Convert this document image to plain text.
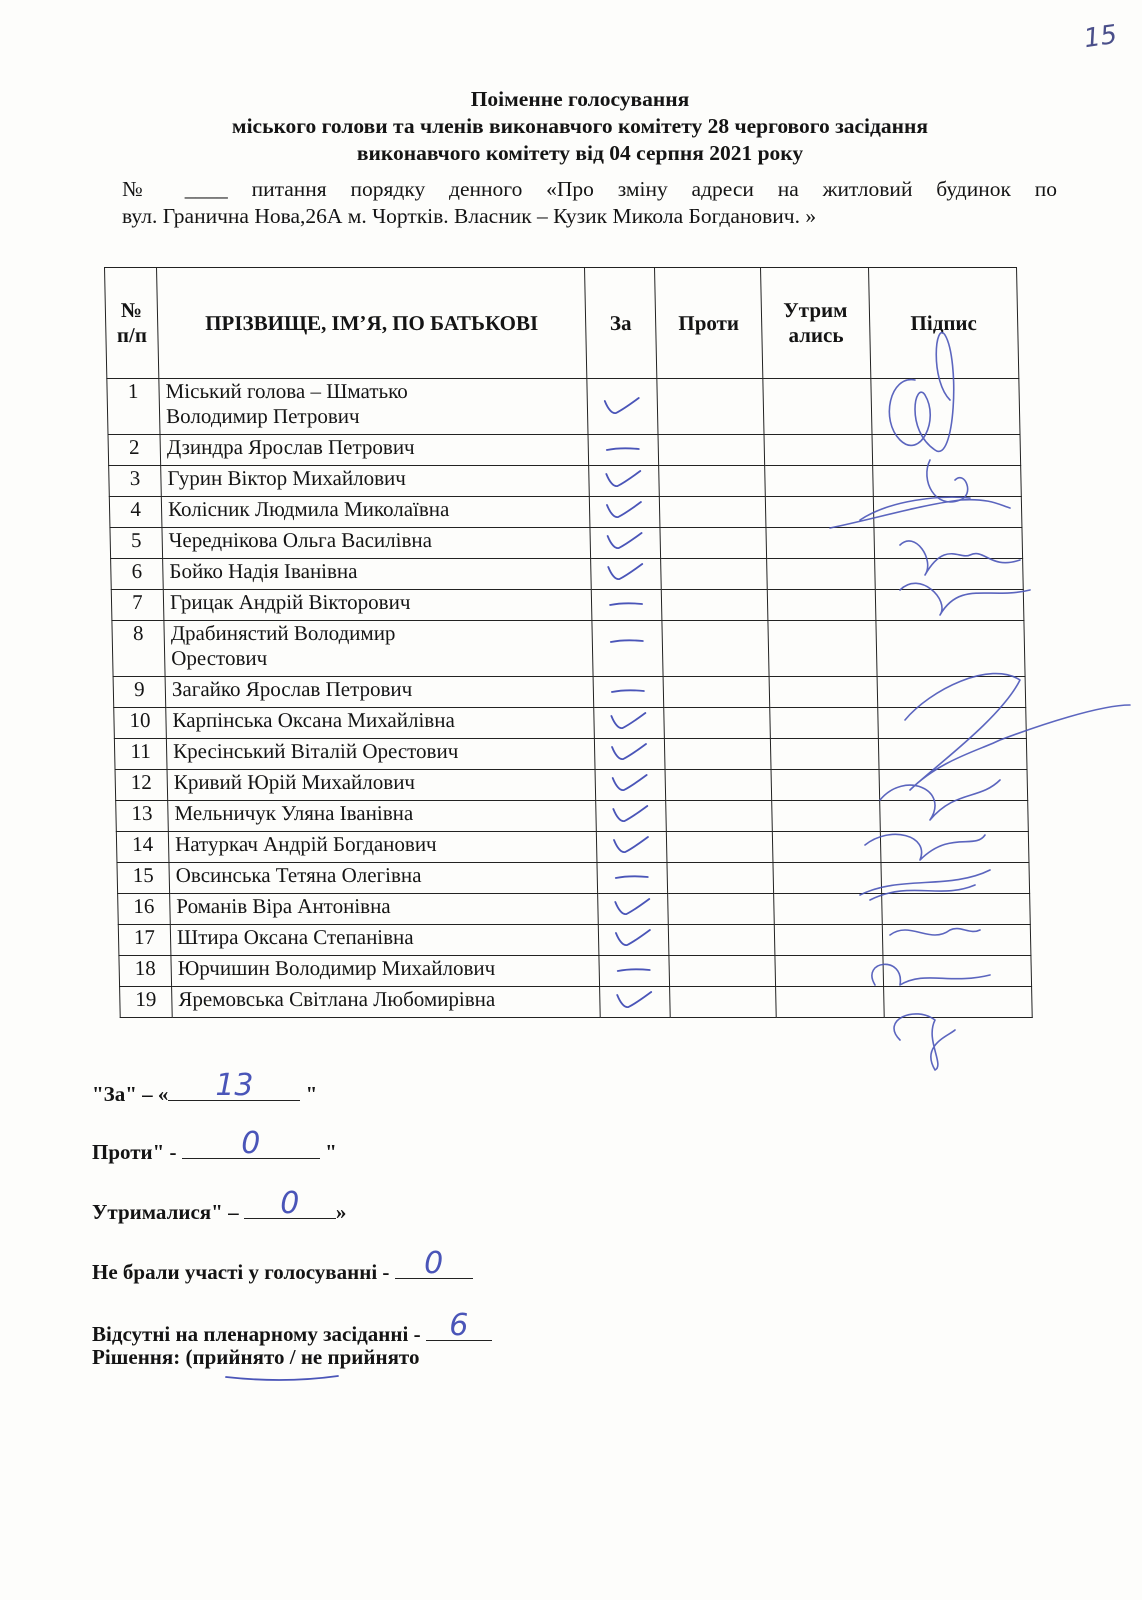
15
Поіменне голосування
міського голови та членів виконавчого комітету 28 чергового засідання
виконавчого комітету від 04 серпня 2021 року
№ ____ питання порядку денного «Про зміну адреси на житловий будинок по
вул. Гранична Нова,26А м. Чортків. Власник – Кузик Микола Богданович. »
№ п/п	ПРІЗВИЩЕ, ІМ’Я, ПО БАТЬКОВІ	За	Проти	Утрим ались	Підпис
1	Міський голова – Шматько
Володимир Петрович

2	Дзиндра Ярослав Петрович

3	Гурин Віктор Михайлович

4	Колісник Людмила Миколаївна

5	Череднікова Ольга Василівна

6	Бойко Надія Іванівна

7	Грицак Андрій Вікторович

8	Драбинястий Володимир
Орестович

9	Загайко Ярослав Петрович

10	Карпінська Оксана Михайлівна

11	Кресінський Віталій Орестович

12	Кривий Юрій Михайлович

13	Мельничук Уляна Іванівна

14	Натуркач Андрій Богданович

15	Овсинська Тетяна Олегівна

16	Романів Віра Антонівна

17	Штира Оксана Степанівна

18	Юрчишин Володимир Михайлович

19	Яремовська Світлана Любомирівна

"За" – «	13	"
Проти" -	0	"
Утрималися" –	0	»
Не брали участі у голосуванні - 0
Відсутні на пленарному засіданні - 6
Рішення: (прийнято / не прийнято
